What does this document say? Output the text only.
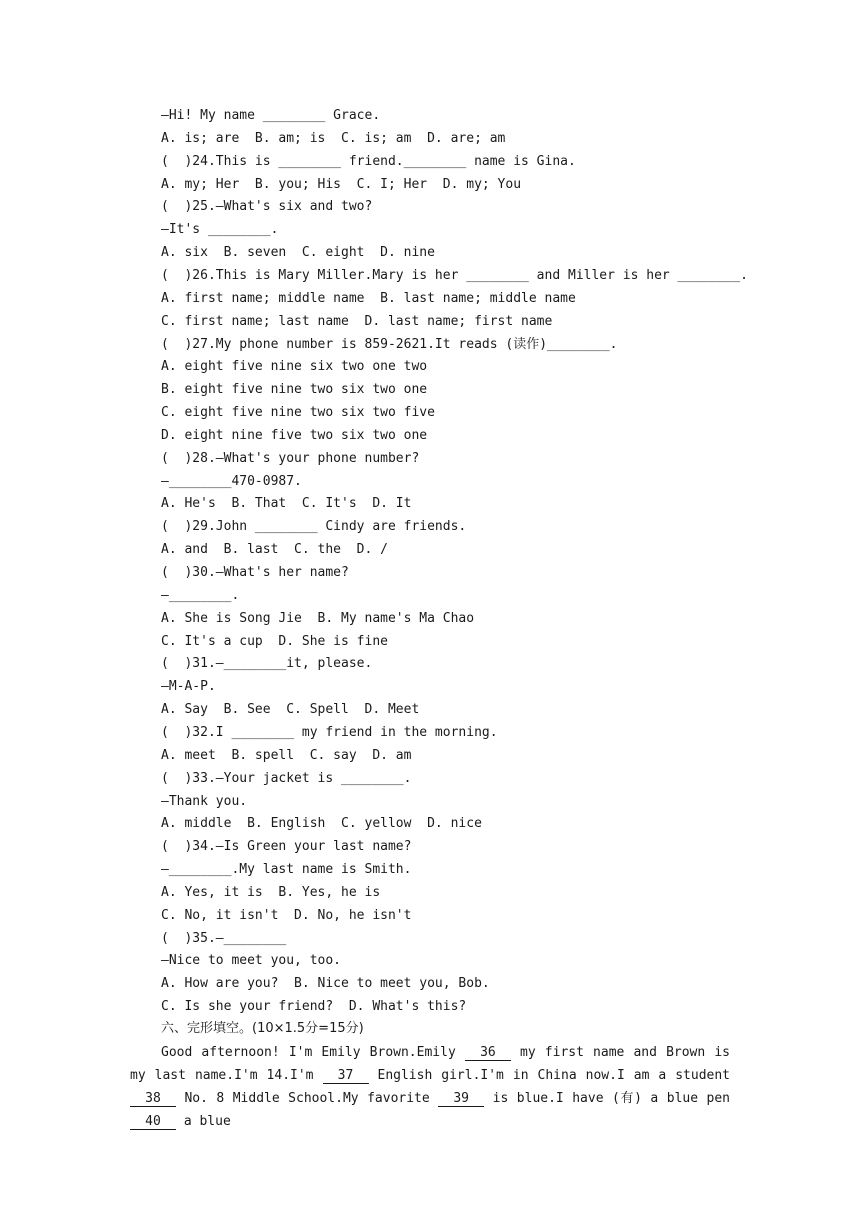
—Hi! My name ________ Grace.
A. is; are  B. am; is  C. is; am  D. are; am
(  )24.This is ________ friend.________ name is Gina.
A. my; Her  B. you; His  C. I; Her  D. my; You
(  )25.—What's six and two?
—It's ________.
A. six  B. seven  C. eight  D. nine
(  )26.This is Mary Miller.Mary is her ________ and Miller is her ________.
A. first name; middle name  B. last name; middle name
C. first name; last name  D. last name; first name
(  )27.My phone number is 859-2621.It reads (读作)________.
A. eight five nine six two one two
B. eight five nine two six two one
C. eight five nine two six two five
D. eight nine five two six two one
(  )28.—What's your phone number?
—________470-0987.
A. He's  B. That  C. It's  D. It
(  )29.John ________ Cindy are friends.
A. and  B. last  C. the  D. /
(  )30.—What's her name?
—________.
A. She is Song Jie  B. My name's Ma Chao
C. It's a cup  D. She is fine
(  )31.—________it, please.
—M-A-P.
A. Say  B. See  C. Spell  D. Meet
(  )32.I ________ my friend in the morning.
A. meet  B. spell  C. say  D. am
(  )33.—Your jacket is ________.
—Thank you.
A. middle  B. English  C. yellow  D. nice
(  )34.—Is Green your last name?
—________.My last name is Smith.
A. Yes, it is  B. Yes, he is
C. No, it isn't  D. No, he isn't
(  )35.—________
—Nice to meet you, too.
A. How are you?  B. Nice to meet you, Bob.
C. Is she your friend?  D. What's this?
六、完形填空。(10×1.5分=15分)
Good afternoon! I'm Emily Brown.Emily 36 my first name and Brown is my last name.I'm 14.I'm 37 English girl.I'm in China now.I am a student 38 No. 8 Middle School.My favorite 39 is blue.I have (有) a blue pen 40 a blue
